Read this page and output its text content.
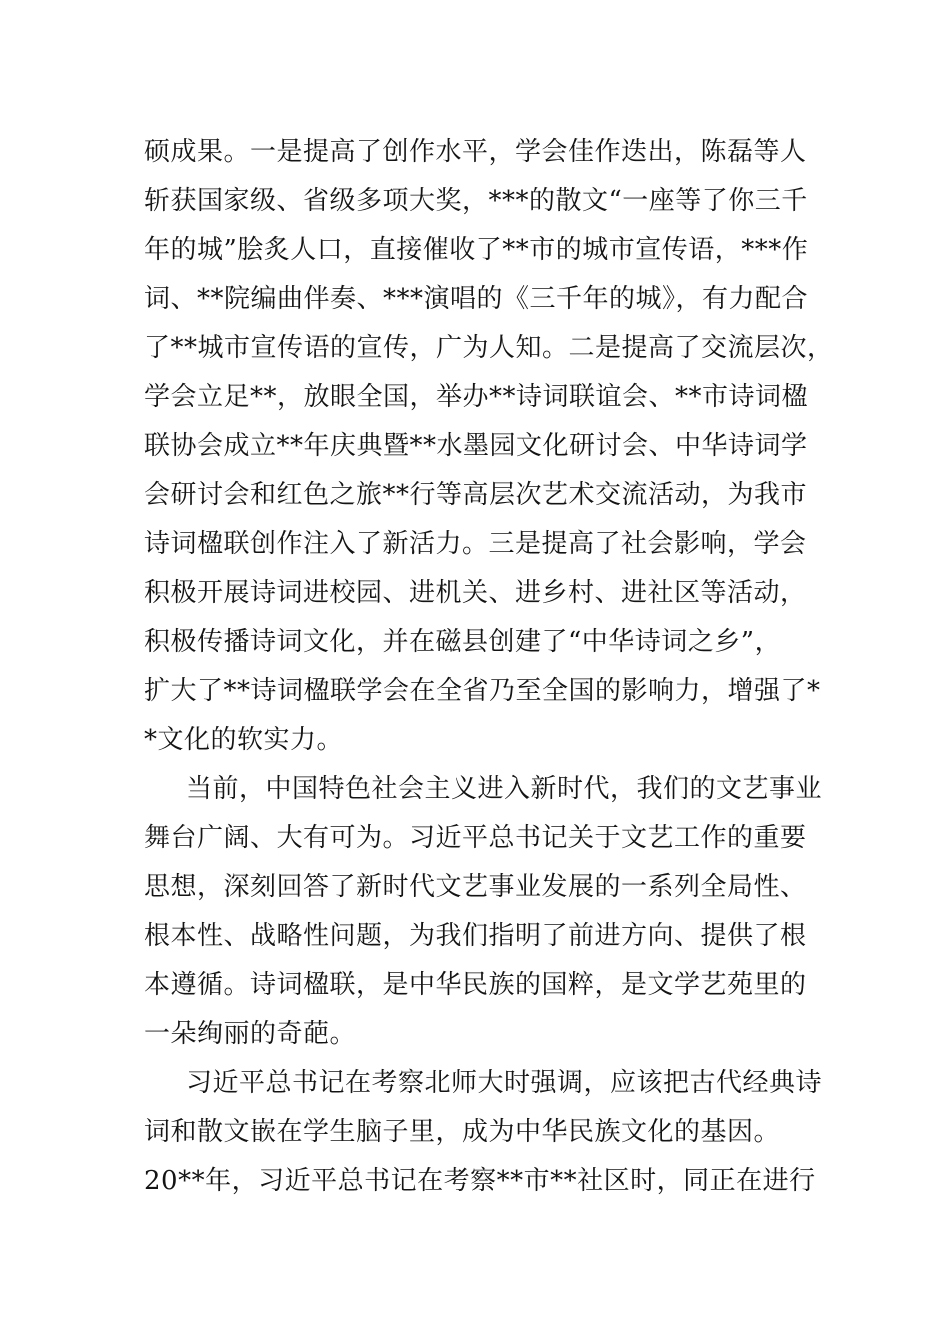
硕成果。一是提高了创作水平，学会佳作迭出，陈磊等人
斩获国家级、省级多项大奖，***的散文“一座等了你三千
年的城”脍炙人口，直接催收了**市的城市宣传语，***作
词、**院编曲伴奏、***演唱的《三千年的城》，有力配合
了**城市宣传语的宣传，广为人知。二是提高了交流层次，
学会立足**，放眼全国，举办**诗词联谊会、**市诗词楹
联协会成立**年庆典暨**水墨园文化研讨会、中华诗词学
会研讨会和红色之旅**行等高层次艺术交流活动，为我市
诗词楹联创作注入了新活力。三是提高了社会影响，学会
积极开展诗词进校园、进机关、进乡村、进社区等活动，
积极传播诗词文化，并在磁县创建了“中华诗词之乡”，
扩大了**诗词楹联学会在全省乃至全国的影响力，增强了*
*文化的软实力。
当前，中国特色社会主义进入新时代，我们的文艺事业
舞台广阔、大有可为。习近平总书记关于文艺工作的重要
思想，深刻回答了新时代文艺事业发展的一系列全局性、
根本性、战略性问题，为我们指明了前进方向、提供了根
本遵循。诗词楹联，是中华民族的国粹，是文学艺苑里的
一朵绚丽的奇葩。
习近平总书记在考察北师大时强调，应该把古代经典诗
词和散文嵌在学生脑子里，成为中华民族文化的基因。
20**年，习近平总书记在考察**市**社区时，同正在进行
